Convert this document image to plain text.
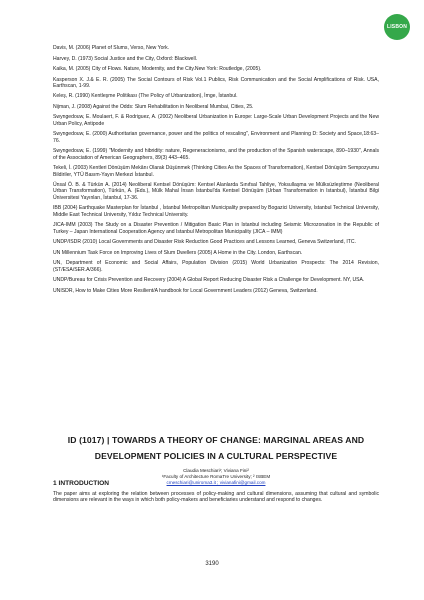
LISBON

Davis, M. (2006) Planet of Slums, Verso, New York.

Harvey, D. (1973) Social Justice and the City, Oxford: Blackwell.

Kaika, M. (2005) City of Flows. Nature, Modernity, and the City.New York: Routledge, (2005).

Kasperson X. J.& E. R. (2005) The Social Contours of Risk Vol.1 Publics, Risk Communication and the Social Amplifications of Risk. USA, Earthscan, 1-99.

Keleş, R. (1990) Kentleşme Politikası (The Policy of Urbanization), İmge, İstanbul.

Nijman, J. (2008) Against the Odds: Slum Rehabilitation in Neoliberal Mumbai, Cities, 25.

Swyngedouw, E. Moulaert, F. & Rodriguez, A. (2002) Neoliberal Urbanization in Europe: Large-Scale Urban Development Projects and the New Urban Policy, Antipode

Swyngedouw, E. (2000) Authoritarian governance, power and the politics of rescaling", Environment and Planning D: Society and Space,18:63–76.

Swyngedouw, E. (1999) "Modernity and hibridity: nature, Regeneracionismo, and the production of the Spanish waterscape, 890–1930", Annals of the Association of American Geographers, 89(3) 443–465.

Tekeli, İ. (2003) Kentleri Dönüşüm Mekânı Olarak Düşünmek (Thinking Cities As the Spaces of Transformation), Kentsel Dönüşüm Sempozyumu Bildiriler, YTÜ Basım-Yayın Merkezi İstanbul.

Ünsal Ö. B. & Türkün A. (2014) Neoliberal Kentsel Dönüşüm: Kentsel Alanlarda Sınıfsal Tahliye, Yoksullaşma ve Mülksüzleştirme (Neoliberal Urban Transformation), Türkün, A. (Eds.), Mülk Mahal İnsan İstanbul'da Kentsel Dönüşüm (Urban Transformation in Istanbul), İstanbul Bilgi Üniversitesi Yayınları, İstanbul, 17-36.

IBB (2004) Earthquake Masterplan for İstanbul , İstanbul Metropolitan Municipality prepared by Bogazici University, Istanbul Technical University, Middle East Technical University, Yıldız Technical University.

JICA-IMM (2003) The Study on a Disaster Prevention / Mitigation Basic Plan in Istanbul including Seismic Microzonation in the Republic of Turkey – Japan International Cooperation Agency and Istanbul Metropolitan Municipality (JICA – IMM)

UNDP/ISDR (2010) Local Governments and Disaster Risk Reduction Good Practices and Lessons Learned, Geneva Switzerland, ITC.

UN Millennium Task Force on Improving Lives of Slum Dwellers (2005) A Home in the City. London, Earthscan.

UN, Department of Economic and Social Affairs, Population Division (2015) World Urbanization Prospects: The 2014 Revision, (ST/ESA/SER.A/366).

UNDP/Bureau for Crisis Prevention and Recovery (2004) A Global Report Reducing Disaster Risk a Challenge for Development. NY, USA.

UNISDR, How to Make Cities More Resilient/A handbook for Local Government Leaders (2012) Geneva, Switzerland.

ID (1017) | TOWARDS A THEORY OF CHANGE: MARGINAL AREAS AND
DEVELOPMENT POLICIES IN A CULTURAL PERSPECTIVE

Claudia Meschiari¹; Viviana Fini²

¹Faculty of Architecture RomaTre University; ² ISBEM

cmeschiari@uniroma3.it ; vivianafini@gmail.com

1 INTRODUCTION

The paper aims at exploring the relation between processes of policy-making and cultural dimensions, assuming that cultural and symbolic dimensions are relevant in the ways in which both policy-makers and beneficiaries understand and respond to changes.

3190
